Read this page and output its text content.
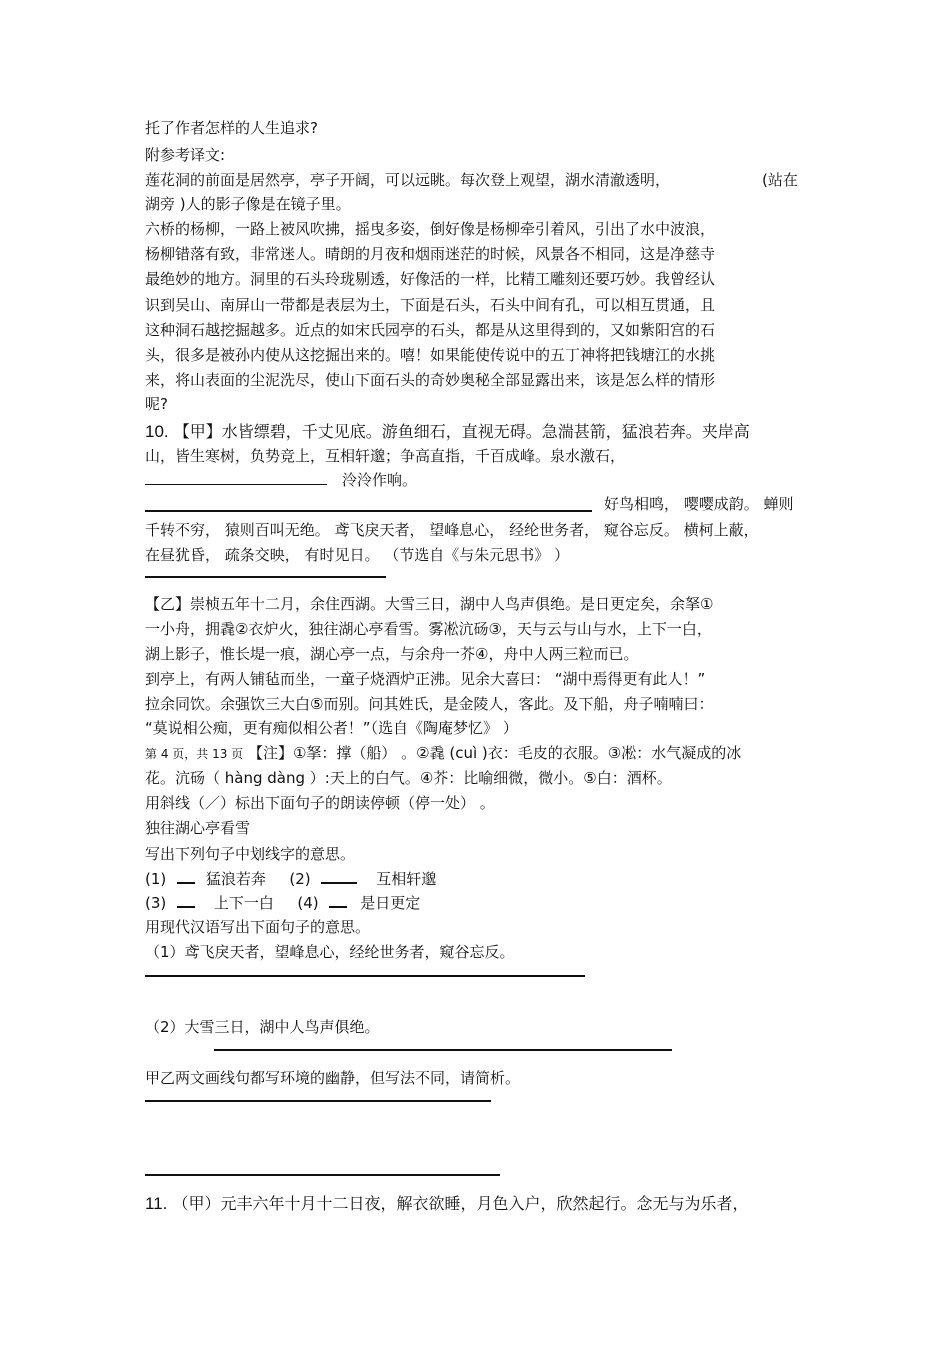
托了作者怎样的人生追求?
附参考译文:
莲花洞的前面是居然亭，亭子开阔，可以远眺。每次登上观望，湖水清澈透明，	(站在
湖旁 )人的影子像是在镜子里。
六桥的杨柳，一路上被风吹拂，摇曳多姿，倒好像是杨柳牵引着风，引出了水中波浪，
杨柳错落有致，非常迷人。晴朗的月夜和烟雨迷茫的时候，风景各不相同，这是净慈寺
最绝妙的地方。洞里的石头玲珑剔透，好像活的一样，比精工雕刻还要巧妙。我曾经认
识到吴山、南屏山一带都是表层为土，下面是石头，石头中间有孔，可以相互贯通，且
这种洞石越挖掘越多。近点的如宋氏园亭的石头，都是从这里得到的，又如紫阳宫的石
头，很多是被孙内使从这挖掘出来的。嘻！如果能使传说中的五丁神将把钱塘江的水挑
来，将山表面的尘泥洗尽，使山下面石头的奇妙奥秘全部显露出来，该是怎么样的情形
呢?
10. 【甲】水皆缥碧，千丈见底。游鱼细石，直视无碍。急湍甚箭，猛浪若奔。夹岸高
山，皆生寒树，负势竞上，互相轩邈；争高直指，千百成峰。泉水激石，
泠泠作响。
好鸟相鸣， 嘤嘤成韵。 蝉则
千转不穷， 猿则百叫无绝。 鸢飞戾天者， 望峰息心， 经纶世务者， 窥谷忘反。 横柯上蔽，
在昼犹昏， 疏条交映， 有时见日。 （节选自《与朱元思书》 ）
【乙】崇桢五年十二月，余住西湖。大雪三日，湖中人鸟声俱绝。是日更定矣，余拏①
一小舟，拥毳②衣炉火，独往湖心亭看雪。雾凇沆砀③，天与云与山与水，上下一白，
湖上影子，惟长堤一痕，湖心亭一点，与余舟一芥④，舟中人两三粒而已。
到亭上，有两人铺毡而坐，一童子烧酒炉正沸。见余大喜曰： “湖中焉得更有此人！”
拉余同饮。余强饮三大白⑤而别。问其姓氏，是金陵人，客此。及下船，舟子喃喃曰：
“莫说相公痴，更有痴似相公者！”（选自《陶庵梦忆》 ）
第 4 页，共 13 页 【注】①拏：撑（船） 。②毳 (cuì )衣：毛皮的衣服。③凇：水气凝成的冰
花。沆砀（ hàng dàng ）:天上的白气。④芥：比喻细微，微小。⑤白：酒杯。
用斜线（／）标出下面句子的朗读停顿（停一处） 。
独往湖心亭看雪
写出下列句子中划线字的意思。
(1)	猛浪若奔 (2)	互相轩邈
(3)	上下一白 (4)	是日更定
用现代汉语写出下面句子的意思。
（1）鸢飞戾天者，望峰息心，经纶世务者，窥谷忘反。
（2）大雪三日，湖中人鸟声俱绝。
甲乙两文画线句都写环境的幽静，但写法不同，请简析。
11. （甲）元丰六年十月十二日夜，解衣欲睡，月色入户，欣然起行。念无与为乐者，
